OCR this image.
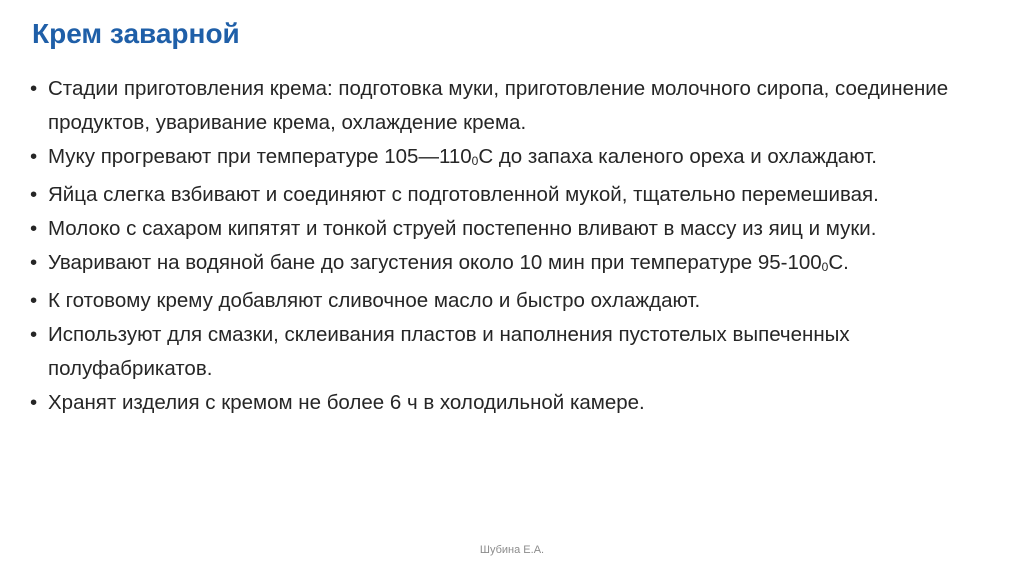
Крем заварной
• Стадии приготовления крема: подготовка муки, приготовление молочного сиропа, соединение продуктов, уваривание крема, охлаждение крема.
• Муку прогревают при температуре $105—110_0С$ до запаха каленого ореха и охлаждают.
• Яйца слегка взбивают и соединяют с подготовленной мукой, тщательно перемешивая.
• Молоко с сахаром кипятят и тонкой струей постепенно вливают в массу из яиц и муки.
• Уваривают на водяной бане до загустения около 10 мин при температуре $95-100_0С$.
• К готовому крему добавляют сливочное масло и быстро охлаждают.
• Используют для смазки, склеивания пластов и наполнения пустотелых выпеченных полуфабрикатов.
• Хранят изделия с кремом не более 6 ч в холодильной камере.
Шубина Е.А.
